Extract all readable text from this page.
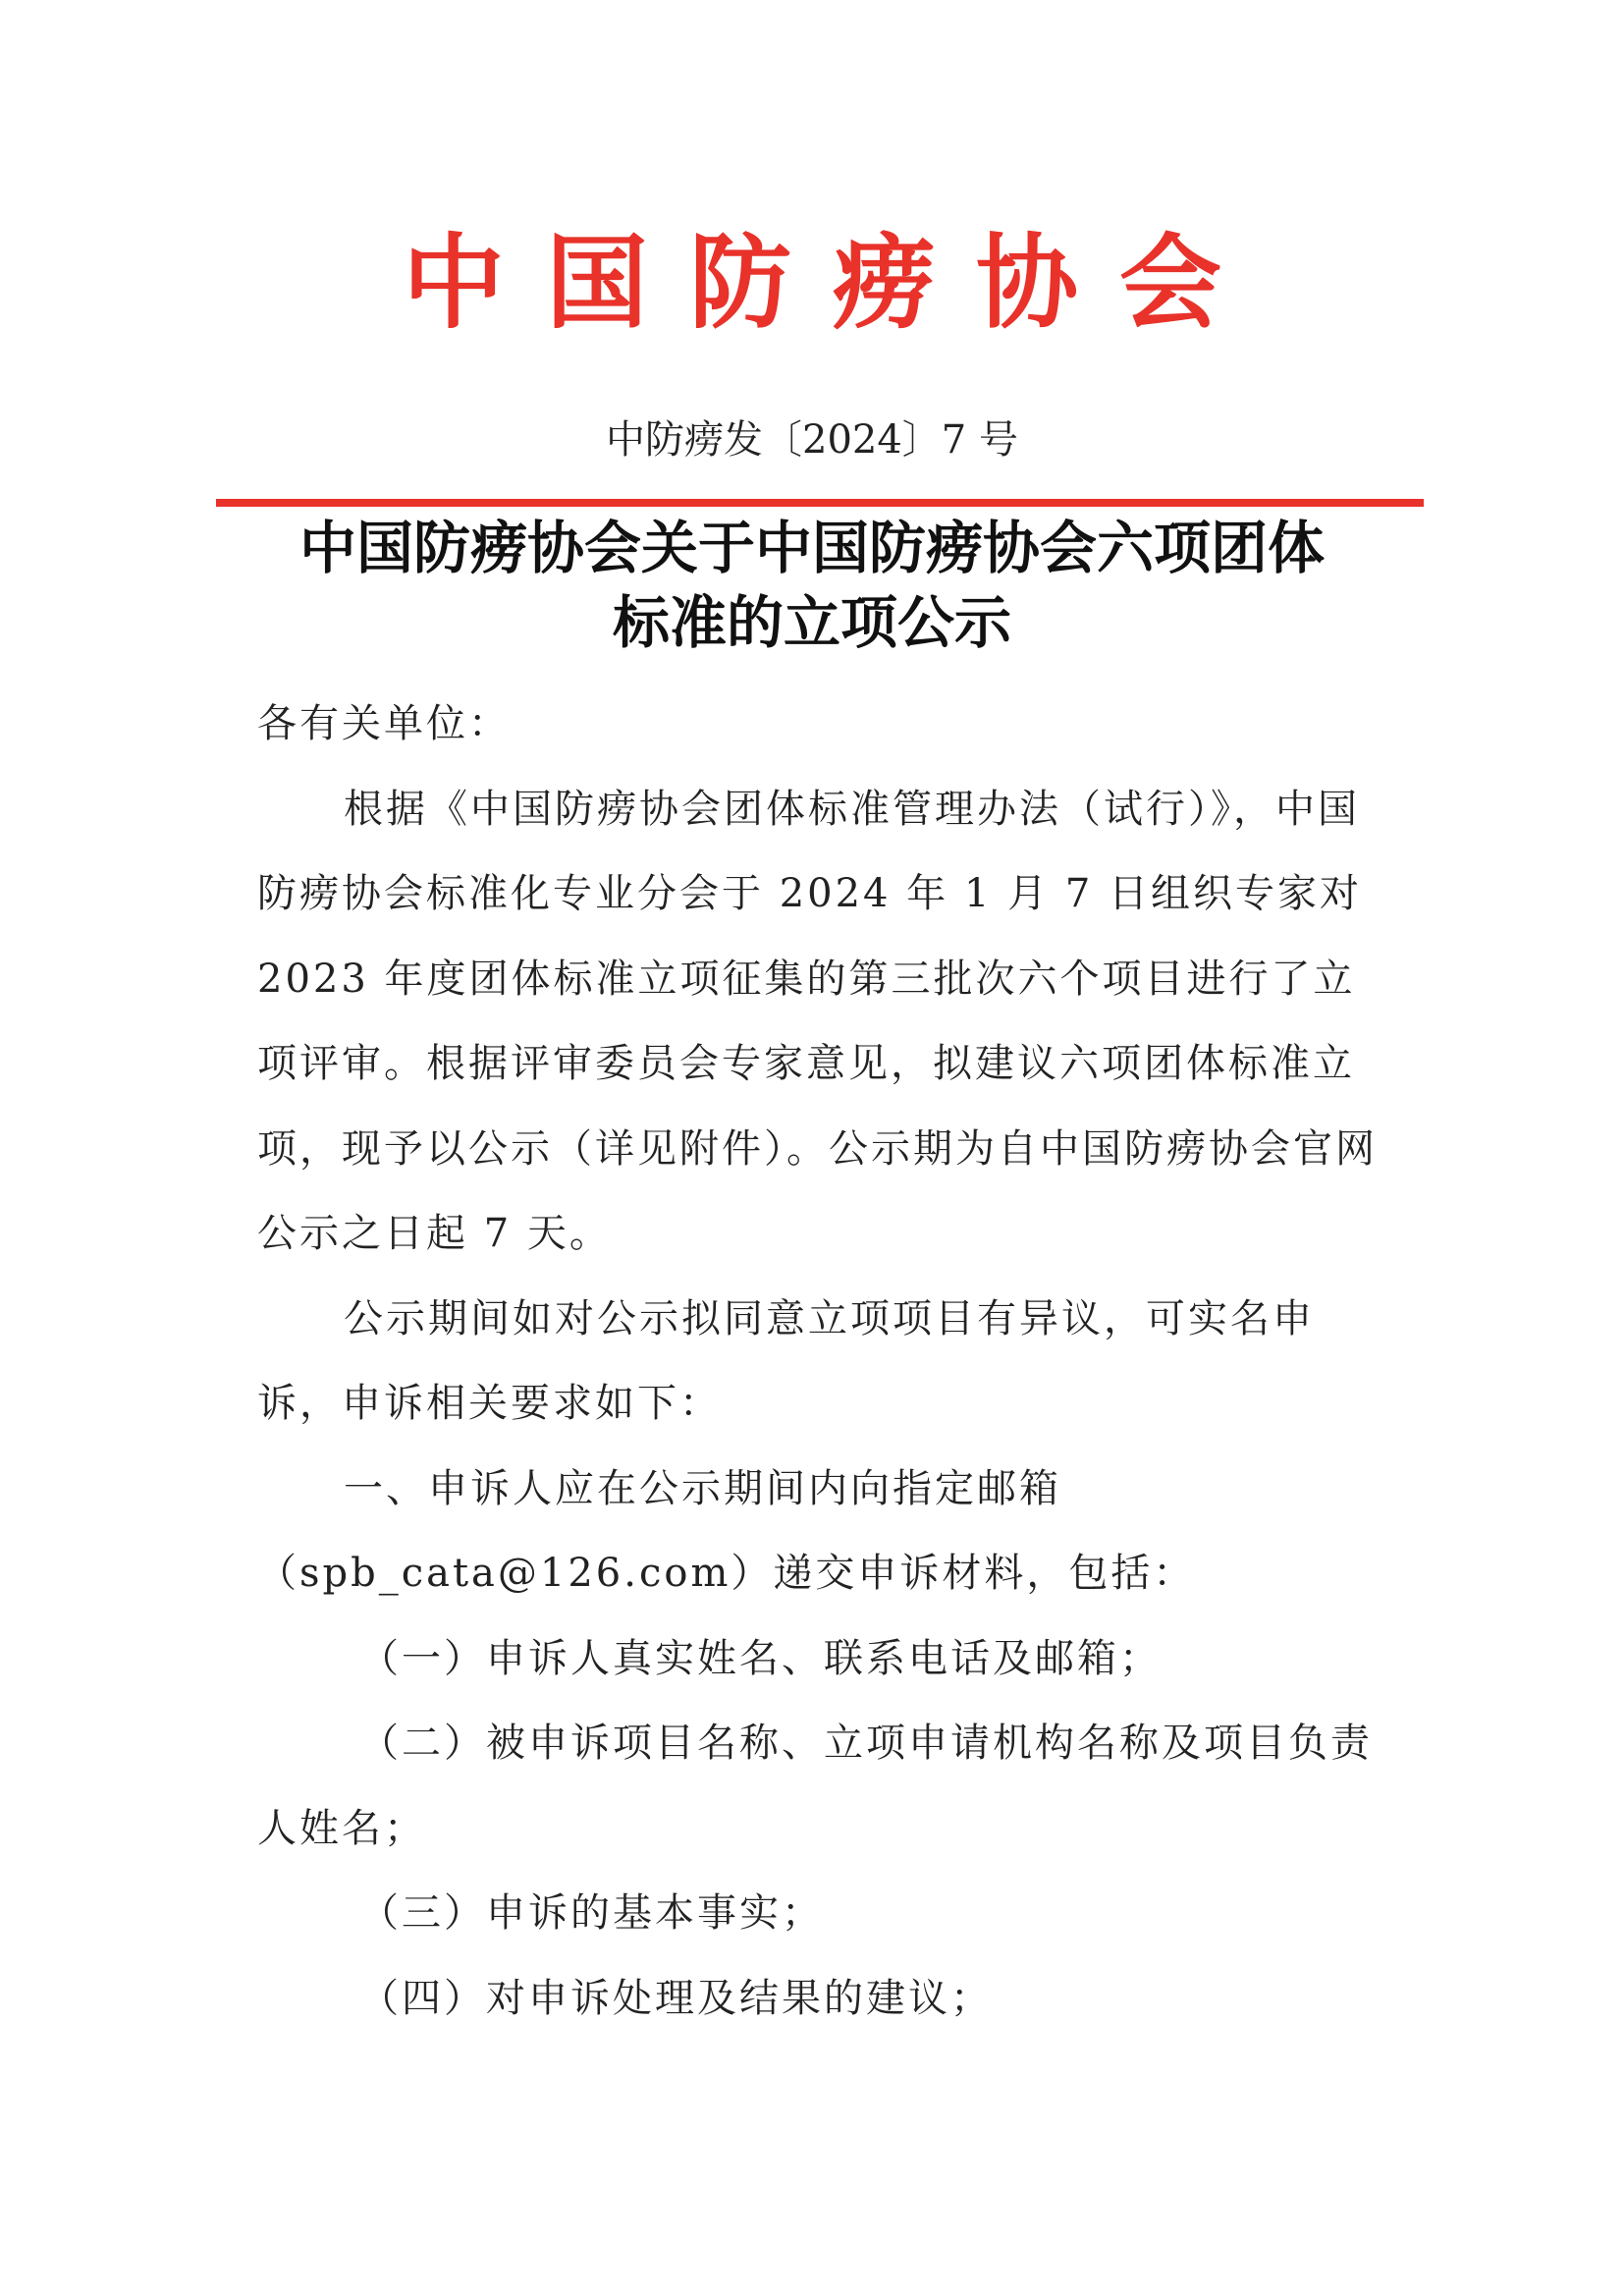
中国防痨协会
中防痨发〔2024〕7 号
中国防痨协会关于中国防痨协会六项团体
标准的立项公示

各有关单位：

根据《中国防痨协会团体标准管理办法（试行）》，中国防痨协会标准化专业分会于 2024 年 1 月 7 日组织专家对 2023 年度团体标准立项征集的第三批次六个项目进行了立项评审。根据评审委员会专家意见，拟建议六项团体标准立项，现予以公示（详见附件）。公示期为自中国防痨协会官网公示之日起 7 天。

公示期间如对公示拟同意立项项目有异议，可实名申诉，申诉相关要求如下：

一、申诉人应在公示期间内向指定邮箱（spb_cata@126.com）递交申诉材料，包括：

（一）申诉人真实姓名、联系电话及邮箱；

（二）被申诉项目名称、立项申请机构名称及项目负责人姓名；

（三）申诉的基本事实；

（四）对申诉处理及结果的建议；
